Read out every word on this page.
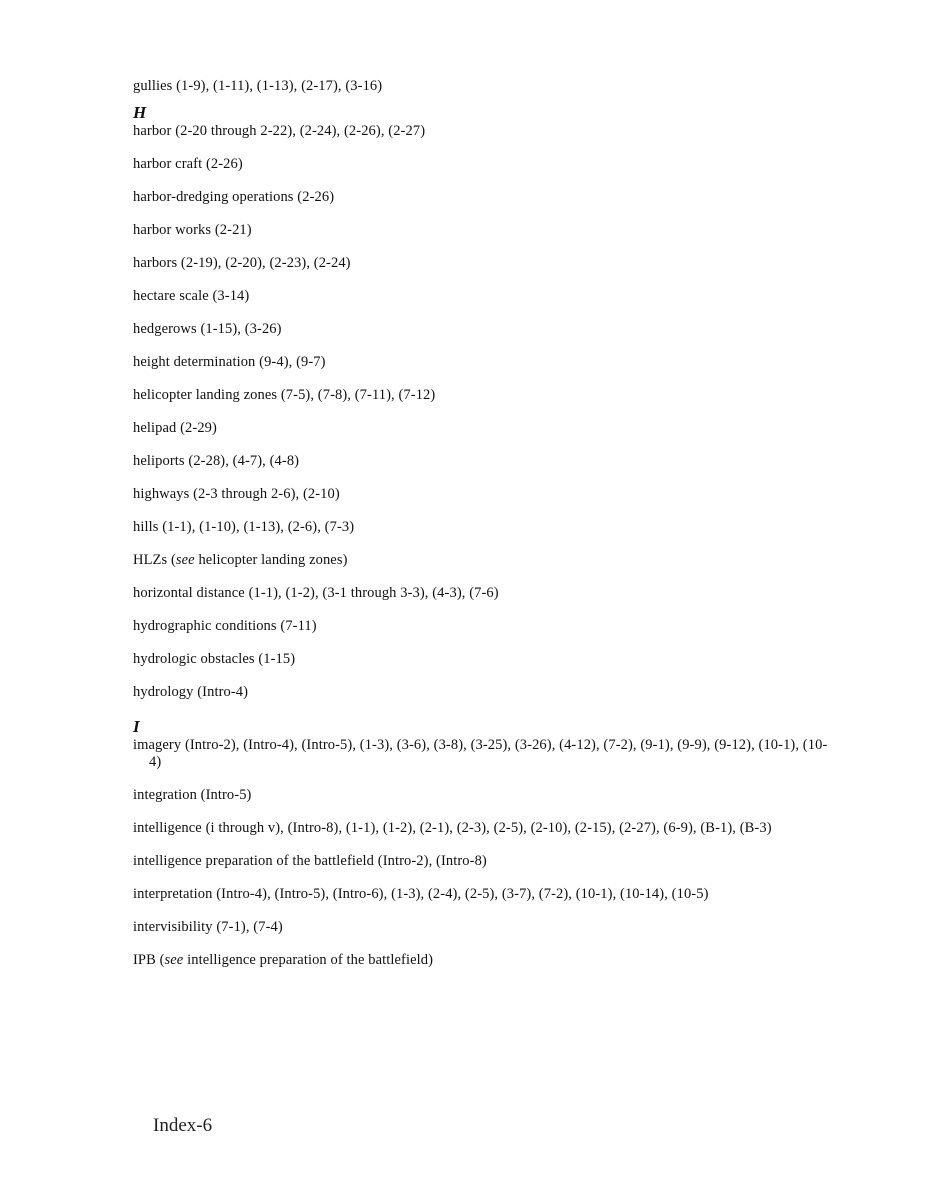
gullies (1-9), (1-11), (1-13), (2-17), (3-16)
H
harbor (2-20 through 2-22), (2-24), (2-26), (2-27)
harbor craft (2-26)
harbor-dredging operations (2-26)
harbor works (2-21)
harbors (2-19), (2-20), (2-23), (2-24)
hectare scale (3-14)
hedgerows (1-15), (3-26)
height determination (9-4), (9-7)
helicopter landing zones (7-5), (7-8), (7-11), (7-12)
helipad (2-29)
heliports (2-28), (4-7), (4-8)
highways (2-3 through 2-6), (2-10)
hills (1-1), (1-10), (1-13), (2-6), (7-3)
HLZs (see helicopter landing zones)
horizontal distance (1-1), (1-2), (3-1 through 3-3), (4-3), (7-6)
hydrographic conditions (7-11)
hydrologic obstacles (1-15)
hydrology (Intro-4)
I
imagery (Intro-2), (Intro-4), (Intro-5), (1-3), (3-6), (3-8), (3-25), (3-26), (4-12), (7-2), (9-1), (9-9), (9-12), (10-1), (10-4)
integration (Intro-5)
intelligence (i through v), (Intro-8), (1-1), (1-2), (2-1), (2-3), (2-5), (2-10), (2-15), (2-27), (6-9), (B-1), (B-3)
intelligence preparation of the battlefield (Intro-2), (Intro-8)
interpretation (Intro-4), (Intro-5), (Intro-6), (1-3), (2-4), (2-5), (3-7), (7-2), (10-1), (10-14), (10-5)
intervisibility (7-1), (7-4)
IPB (see intelligence preparation of the battlefield)
Index-6
